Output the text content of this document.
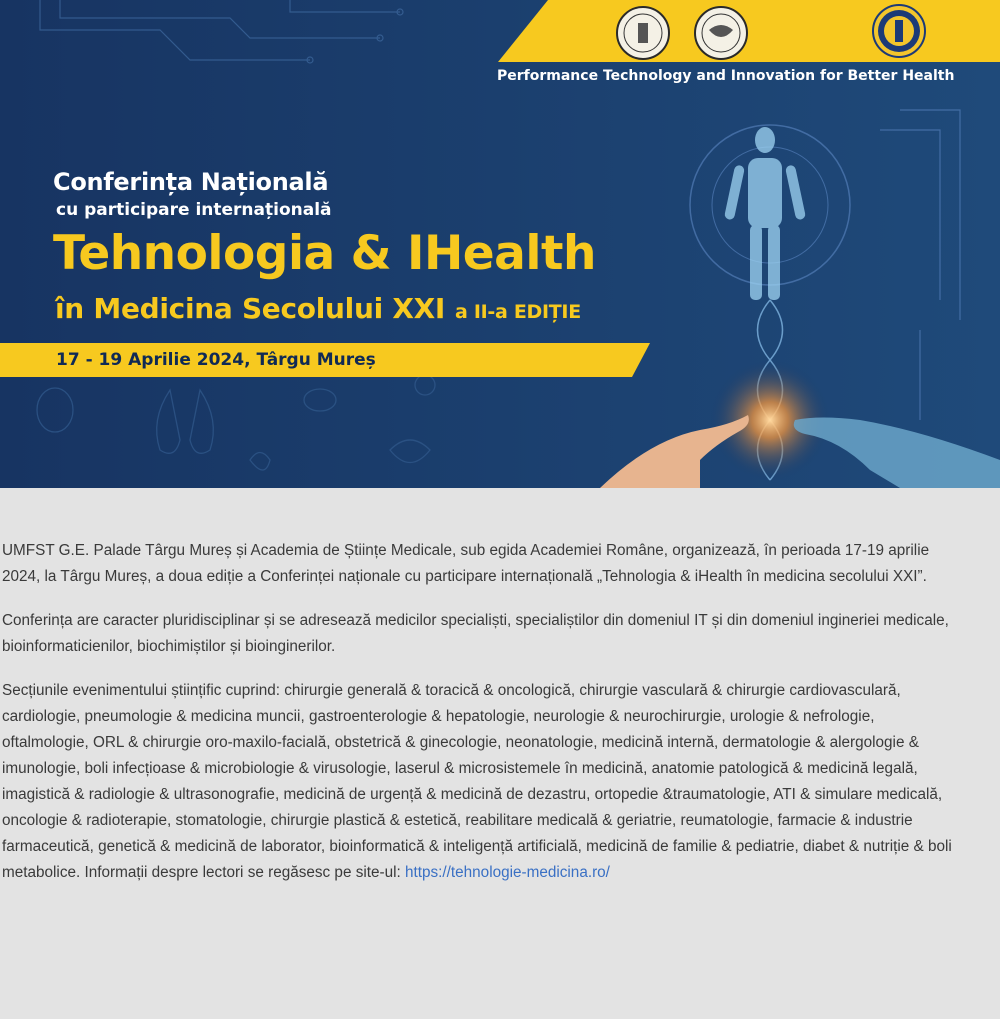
Performance Technology and Innovation for Better Health
Conferința Națională
cu participare internațională
Tehnologia & IHealth
în Medicina Secolului XXI a II-a EDIȚIE
17 - 19 Aprilie 2024, Târgu Mureș

UMFST G.E. Palade Târgu Mureș și Academia de Științe Medicale, sub egida Academiei Române, organizează, în perioada 17-19 aprilie 2024, la Târgu Mureș, a doua ediție a Conferinței naționale cu participare internațională „Tehnologia & iHealth în medicina secolului XXI”.

Conferința are caracter pluridisciplinar și se adresează medicilor specialiști, specialiștilor din domeniul IT și din domeniul ingineriei medicale, bioinformaticienilor, biochimiștilor și bioinginerilor.

Secțiunile evenimentului științific cuprind: chirurgie generală & toracică & oncologică, chirurgie vasculară & chirurgie cardiovasculară, cardiologie, pneumologie & medicina muncii, gastroenterologie & hepatologie, neurologie & neurochirurgie, urologie & nefrologie, oftalmologie, ORL & chirurgie oro-maxilo-facială, obstetrică & ginecologie, neonatologie, medicină internă, dermatologie & alergologie & imunologie, boli infecțioase & microbiologie & virusologie, laserul & microsistemele în medicină, anatomie patologică & medicină legală, imagistică & radiologie & ultrasonografie, medicină de urgență & medicină de dezastru, ortopedie &traumatologie, ATI & simulare medicală, oncologie & radioterapie, stomatologie, chirurgie plastică & estetică, reabilitare medicală & geriatrie, reumatologie, farmacie & industrie farmaceutică, genetică & medicină de laborator, bioinformatică & inteligență artificială, medicină de familie & pediatrie, diabet & nutriție & boli metabolice. Informații despre lectori se regăsesc pe site-ul: https://tehnologie-medicina.ro/
